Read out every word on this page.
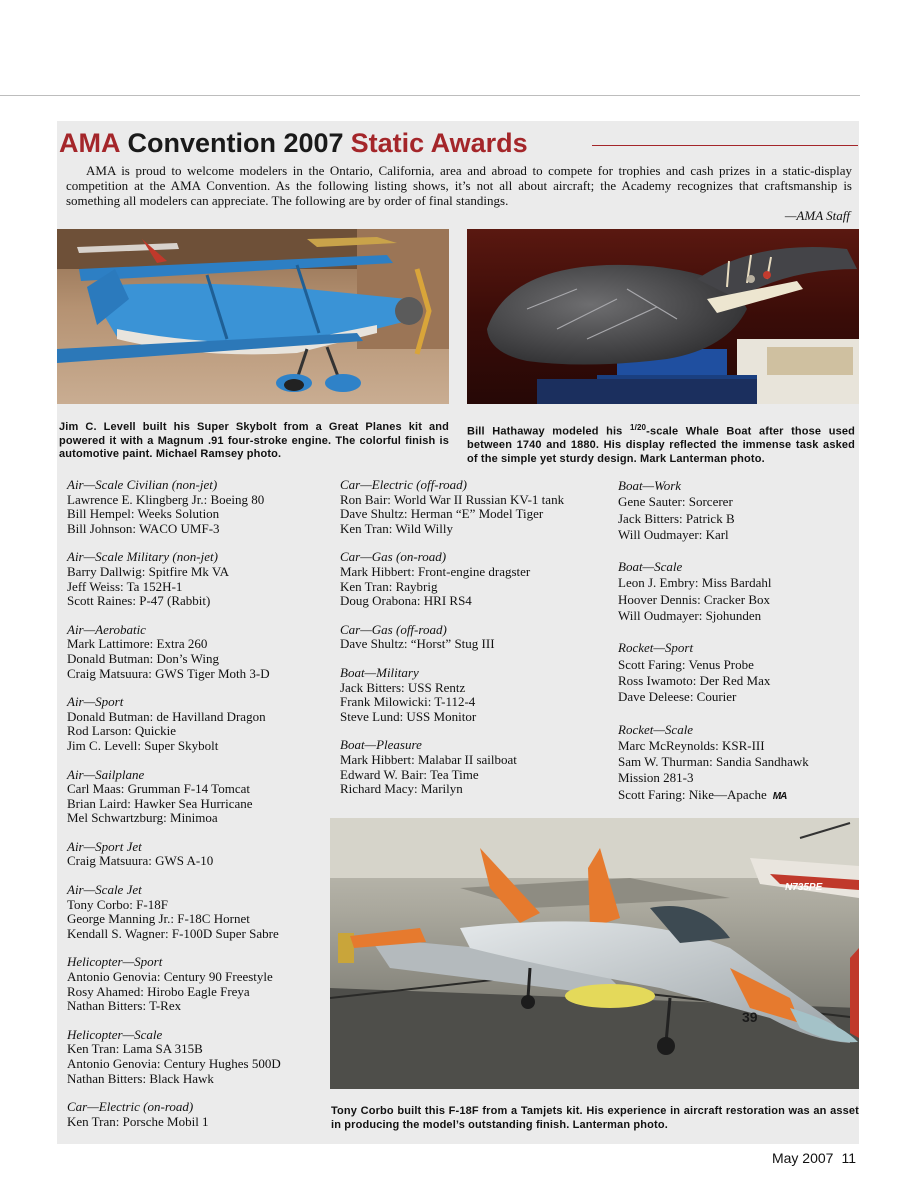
AMA Convention 2007 Static Awards

AMA is proud to welcome modelers in the Ontario, California, area and abroad to compete for trophies and cash prizes in a static-display competition at the AMA Convention. As the following listing shows, it’s not all about aircraft; the Academy recognizes that craftsmanship is something all modelers can appreciate. The following are by order of final standings.

—AMA Staff

Jim C. Levell built his Super Skybolt from a Great Planes kit and powered it with a Magnum .91 four-stroke engine. The colorful finish is automotive paint. Michael Ramsey photo.

Bill Hathaway modeled his $^{1/20}$-scale Whale Boat after those used between 1740 and 1880. His display reflected the immense task asked of the simple yet sturdy design. Mark Lanterman photo.

Air—Scale Civilian (non-jet)
Lawrence E. Klingberg Jr.: Boeing 80
Bill Hempel: Weeks Solution
Bill Johnson: WACO UMF-3
Air—Scale Military (non-jet)
Barry Dallwig: Spitfire Mk VA
Jeff Weiss: Ta 152H-1
Scott Raines: P-47 (Rabbit)
Air—Aerobatic
Mark Lattimore: Extra 260
Donald Butman: Don’s Wing
Craig Matsuura: GWS Tiger Moth 3-D
Air—Sport
Donald Butman: de Havilland Dragon
Rod Larson: Quickie
Jim C. Levell: Super Skybolt
Air—Sailplane
Carl Maas: Grumman F-14 Tomcat
Brian Laird: Hawker Sea Hurricane
Mel Schwartzburg: Minimoa
Air—Sport Jet
Craig Matsuura: GWS A-10
Air—Scale Jet
Tony Corbo: F-18F
George Manning Jr.: F-18C Hornet
Kendall S. Wagner: F-100D Super Sabre
Helicopter—Sport
Antonio Genovia: Century 90 Freestyle
Rosy Ahamed: Hirobo Eagle Freya
Nathan Bitters: T-Rex
Helicopter—Scale
Ken Tran: Lama SA 315B
Antonio Genovia: Century Hughes 500D
Nathan Bitters: Black Hawk
Car—Electric (on-road)
Ken Tran: Porsche Mobil 1
Car—Electric (off-road)
Ron Bair: World War II Russian KV-1 tank
Dave Shultz: Herman “E” Model Tiger
Ken Tran: Wild Willy
Car—Gas (on-road)
Mark Hibbert: Front-engine dragster
Ken Tran: Raybrig
Doug Orabona: HRI RS4
Car—Gas (off-road)
Dave Shultz: “Horst” Stug III
Boat—Military
Jack Bitters: USS Rentz
Frank Milowicki: T-112-4
Steve Lund: USS Monitor
Boat—Pleasure
Mark Hibbert: Malabar II sailboat
Edward W. Bair: Tea Time
Richard Macy: Marilyn
Boat—Work
Gene Sauter: Sorcerer
Jack Bitters: Patrick B
Will Oudmayer: Karl
Boat—Scale
Leon J. Embry: Miss Bardahl
Hoover Dennis: Cracker Box
Will Oudmayer: Sjohunden
Rocket—Sport
Scott Faring: Venus Probe
Ross Iwamoto: Der Red Max
Dave Deleese: Courier
Rocket—Scale
Marc McReynolds: KSR-III
Sam W. Thurman: Sandia Sandhawk
Mission 281-3
Scott Faring: Nike—Apache MA
N735PE
39

Tony Corbo built this F-18F from a Tamjets kit. His experience in aircraft restoration was an asset in producing the model’s outstanding finish. Lanterman photo.

May 2007 11
